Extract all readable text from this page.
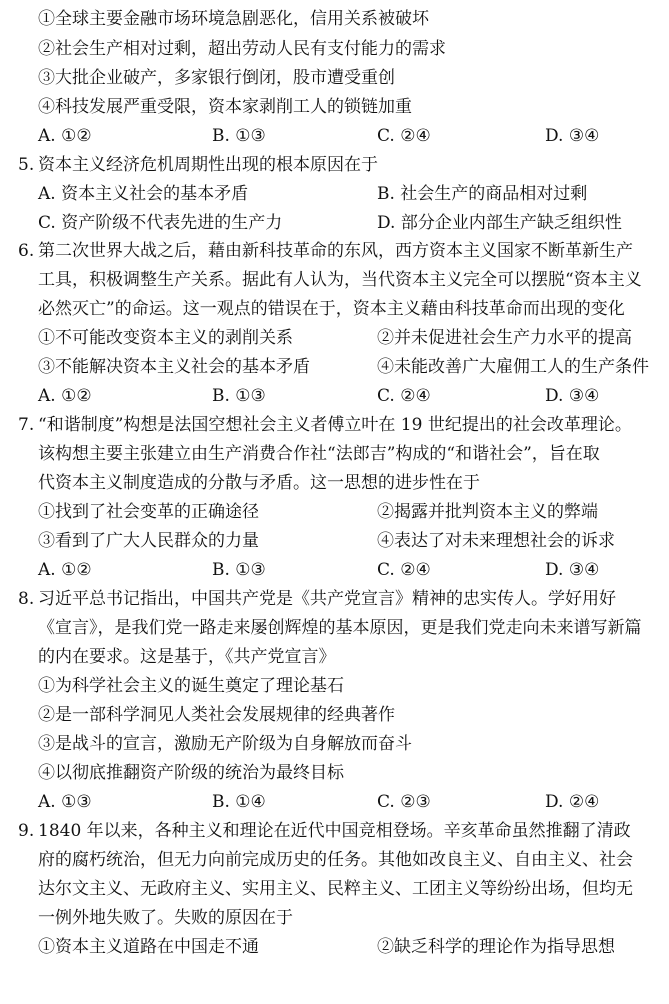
①全球主要金融市场环境急剧恶化，信用关系被破坏
②社会生产相对过剩，超出劳动人民有支付能力的需求
③大批企业破产，多家银行倒闭，股市遭受重创
④科技发展严重受限，资本家剥削工人的锁链加重
A. ①②	B. ①③	C. ②④	D. ③④
5. 资本主义经济危机周期性出现的根本原因在于
A. 资本主义社会的基本矛盾	B. 社会生产的商品相对过剩
C. 资产阶级不代表先进的生产力	D. 部分企业内部生产缺乏组织性
6. 第二次世界大战之后，藉由新科技革命的东风，西方资本主义国家不断革新生产
工具，积极调整生产关系。据此有人认为，当代资本主义完全可以摆脱“资本主义
必然灭亡”的命运。这一观点的错误在于，资本主义藉由科技革命而出现的变化
①不可能改变资本主义的剥削关系	②并未促进社会生产力水平的提高
③不能解决资本主义社会的基本矛盾	④未能改善广大雇佣工人的生产条件
A. ①②	B. ①③	C. ②④	D. ③④
7. “和谐制度”构想是法国空想社会主义者傅立叶在 19 世纪提出的社会改革理论。
该构想主要主张建立由生产消费合作社“法郎吉”构成的“和谐社会”，旨在取
代资本主义制度造成的分散与矛盾。这一思想的进步性在于
①找到了社会变革的正确途径	②揭露并批判资本主义的弊端
③看到了广大人民群众的力量	④表达了对未来理想社会的诉求
A. ①②	B. ①③	C. ②④	D. ③④
8. 习近平总书记指出，中国共产党是《共产党宣言》精神的忠实传人。学好用好
《宣言》，是我们党一路走来屡创辉煌的基本原因，更是我们党走向未来谱写新篇
的内在要求。这是基于，《共产党宣言》
①为科学社会主义的诞生奠定了理论基石
②是一部科学洞见人类社会发展规律的经典著作
③是战斗的宣言，激励无产阶级为自身解放而奋斗
④以彻底推翻资产阶级的统治为最终目标
A. ①③	B. ①④	C. ②③	D. ②④
9. 1840 年以来，各种主义和理论在近代中国竞相登场。辛亥革命虽然推翻了清政
府的腐朽统治，但无力向前完成历史的任务。其他如改良主义、自由主义、社会
达尔文主义、无政府主义、实用主义、民粹主义、工团主义等纷纷出场，但均无
一例外地失败了。失败的原因在于
①资本主义道路在中国走不通	②缺乏科学的理论作为指导思想
